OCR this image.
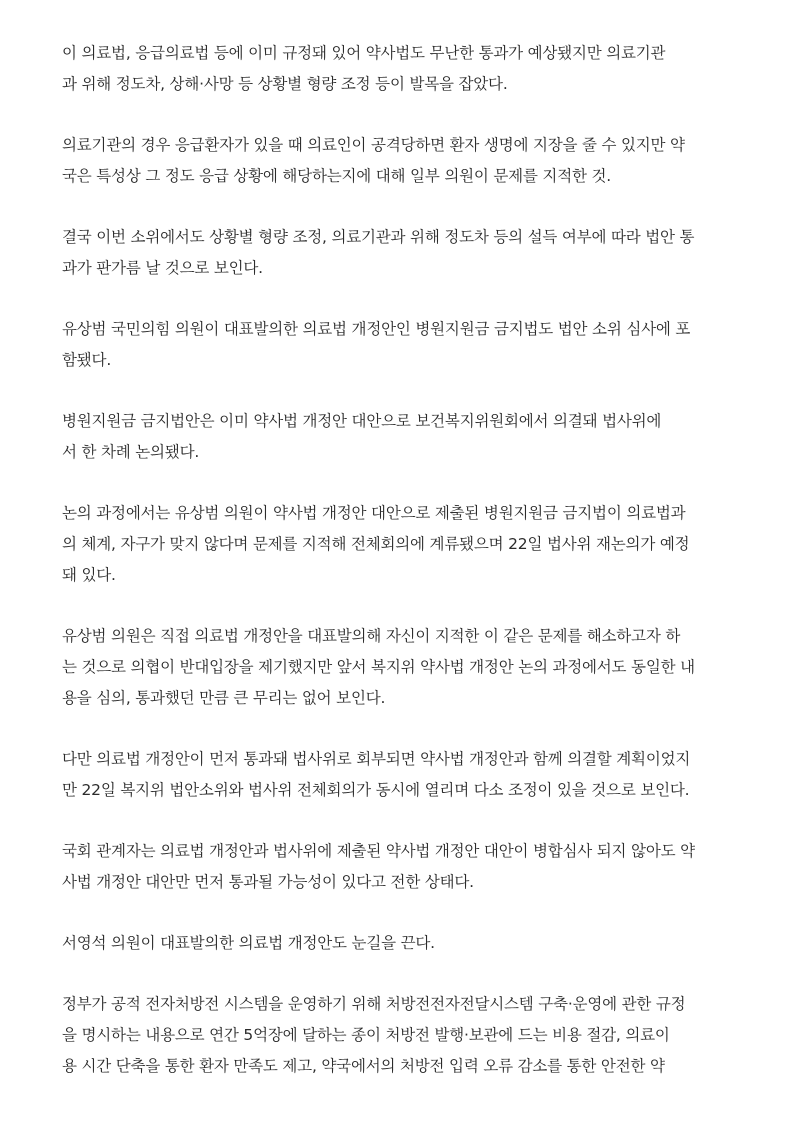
이 의료법, 응급의료법 등에 이미 규정돼 있어 약사법도 무난한 통과가 예상됐지만 의료기관
과 위해 정도차, 상해·사망 등 상황별 형량 조정 등이 발목을 잡았다.

의료기관의 경우 응급환자가 있을 때 의료인이 공격당하면 환자 생명에 지장을 줄 수 있지만 약
국은 특성상 그 정도 응급 상황에 해당하는지에 대해 일부 의원이 문제를 지적한 것.

결국 이번 소위에서도 상황별 형량 조정, 의료기관과 위해 정도차 등의 설득 여부에 따라 법안 통
과가 판가름 날 것으로 보인다.

유상범 국민의힘 의원이 대표발의한 의료법 개정안인 병원지원금 금지법도 법안 소위 심사에 포
함됐다.

병원지원금 금지법안은 이미 약사법 개정안 대안으로 보건복지위원회에서 의결돼 법사위에
서 한 차례 논의됐다.

논의 과정에서는 유상범 의원이 약사법 개정안 대안으로 제출된 병원지원금 금지법이 의료법과
의 체계, 자구가 맞지 않다며 문제를 지적해 전체회의에 계류됐으며 22일 법사위 재논의가 예정
돼 있다.

유상범 의원은 직접 의료법 개정안을 대표발의해 자신이 지적한 이 같은 문제를 해소하고자 하
는 것으로 의협이 반대입장을 제기했지만 앞서 복지위 약사법 개정안 논의 과정에서도 동일한 내
용을 심의, 통과했던 만큼 큰 무리는 없어 보인다.

다만 의료법 개정안이 먼저 통과돼 법사위로 회부되면 약사법 개정안과 함께 의결할 계획이었지
만 22일 복지위 법안소위와 법사위 전체회의가 동시에 열리며 다소 조정이 있을 것으로 보인다.

국회 관계자는 의료법 개정안과 법사위에 제출된 약사법 개정안 대안이 병합심사 되지 않아도 약
사법 개정안 대안만 먼저 통과될 가능성이 있다고 전한 상태다.

서영석 의원이 대표발의한 의료법 개정안도 눈길을 끈다.

정부가 공적 전자처방전 시스템을 운영하기 위해 처방전전자전달시스템 구축·운영에 관한 규정
을 명시하는 내용으로 연간 5억장에 달하는 종이 처방전 발행·보관에 드는 비용 절감, 의료이
용 시간 단축을 통한 환자 만족도 제고, 약국에서의 처방전 입력 오류 감소를 통한 안전한 약
